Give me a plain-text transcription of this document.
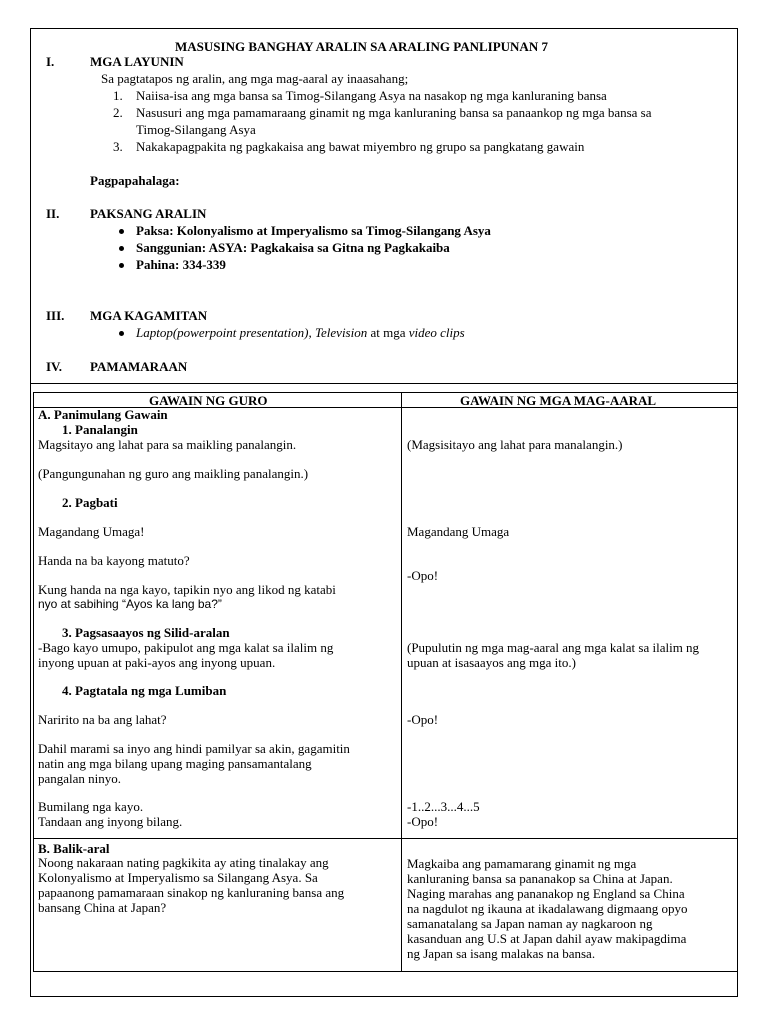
MASUSING BANGHAY ARALIN SA ARALING PANLIPUNAN 7
I.	MGA LAYUNIN
Sa pagtatapos ng aralin, ang mga mag-aaral ay inaasahang;
1. Naiisa-isa ang mga bansa sa Timog-Silangang Asya na nasakop ng mga kanluraning bansa
2. Nasusuri ang mga pamamaraang ginamit ng mga kanluraning bansa sa panaankop ng mga bansa sa
Timog-Silangang Asya
3. Nakakapagpakita ng pagkakaisa ang bawat miyembro ng grupo sa pangkatang gawain
Pagpapahalaga:
II. PAKSANG ARALIN
Paksa: Kolonyalismo at Imperyalismo sa Timog-Silangang Asya
Sanggunian: ASYA: Pagkakaisa sa Gitna ng Pagkakaiba
Pahina: 334-339
III. MGA KAGAMITAN
Laptop(powerpoint presentation), Television at mga video clips
IV. PAMAMARAAN
GAWAIN NG GURO	GAWAIN NG MGA MAG-AARAL
A. Panimulang Gawain
1. Panalangin
Magsitayo ang lahat para sa maikling panalangin.
(Pangungunahan ng guro ang maikling panalangin.)
2. Pagbati
Magandang Umaga!
Handa na ba kayong matuto?
Kung handa na nga kayo, tapikin nyo ang likod ng katabi
nyo at sabihing “Ayos ka lang ba?”
3. Pagsasaayos ng Silid-aralan
-Bago kayo umupo, pakipulot ang mga kalat sa ilalim ng
inyong upuan at paki-ayos ang inyong upuan.
4. Pagtatala ng mga Lumiban
Naririto na ba ang lahat?
Dahil marami sa inyo ang hindi pamilyar sa akin, gagamitin
natin ang mga bilang upang maging pansamantalang
pangalan ninyo.
Bumilang nga kayo.
Tandaan ang inyong bilang.
B. Balik-aral
Noong nakaraan nating pagkikita ay ating tinalakay ang
Kolonyalismo at Imperyalismo sa Silangang Asya. Sa
papaanong pamamaraan sinakop ng kanluraning bansa ang
bansang China at Japan?
(Magsisitayo ang lahat para manalangin.)
Magandang Umaga
-Opo!
(Pupulutin ng mga mag-aaral ang mga kalat sa ilalim ng
upuan at isasaayos ang mga ito.)
-Opo!
-1..2...3...4...5
-Opo!
Magkaiba ang pamamarang ginamit ng mga
kanluraning bansa sa pananakop sa China at Japan.
Naging marahas ang pananakop ng England sa China
na nagdulot ng ikauna at ikadalawang digmaang opyo
samanatalang sa Japan naman ay nagkaroon ng
kasanduan ang U.S at Japan dahil ayaw makipagdima
ng Japan sa isang malakas na bansa.
